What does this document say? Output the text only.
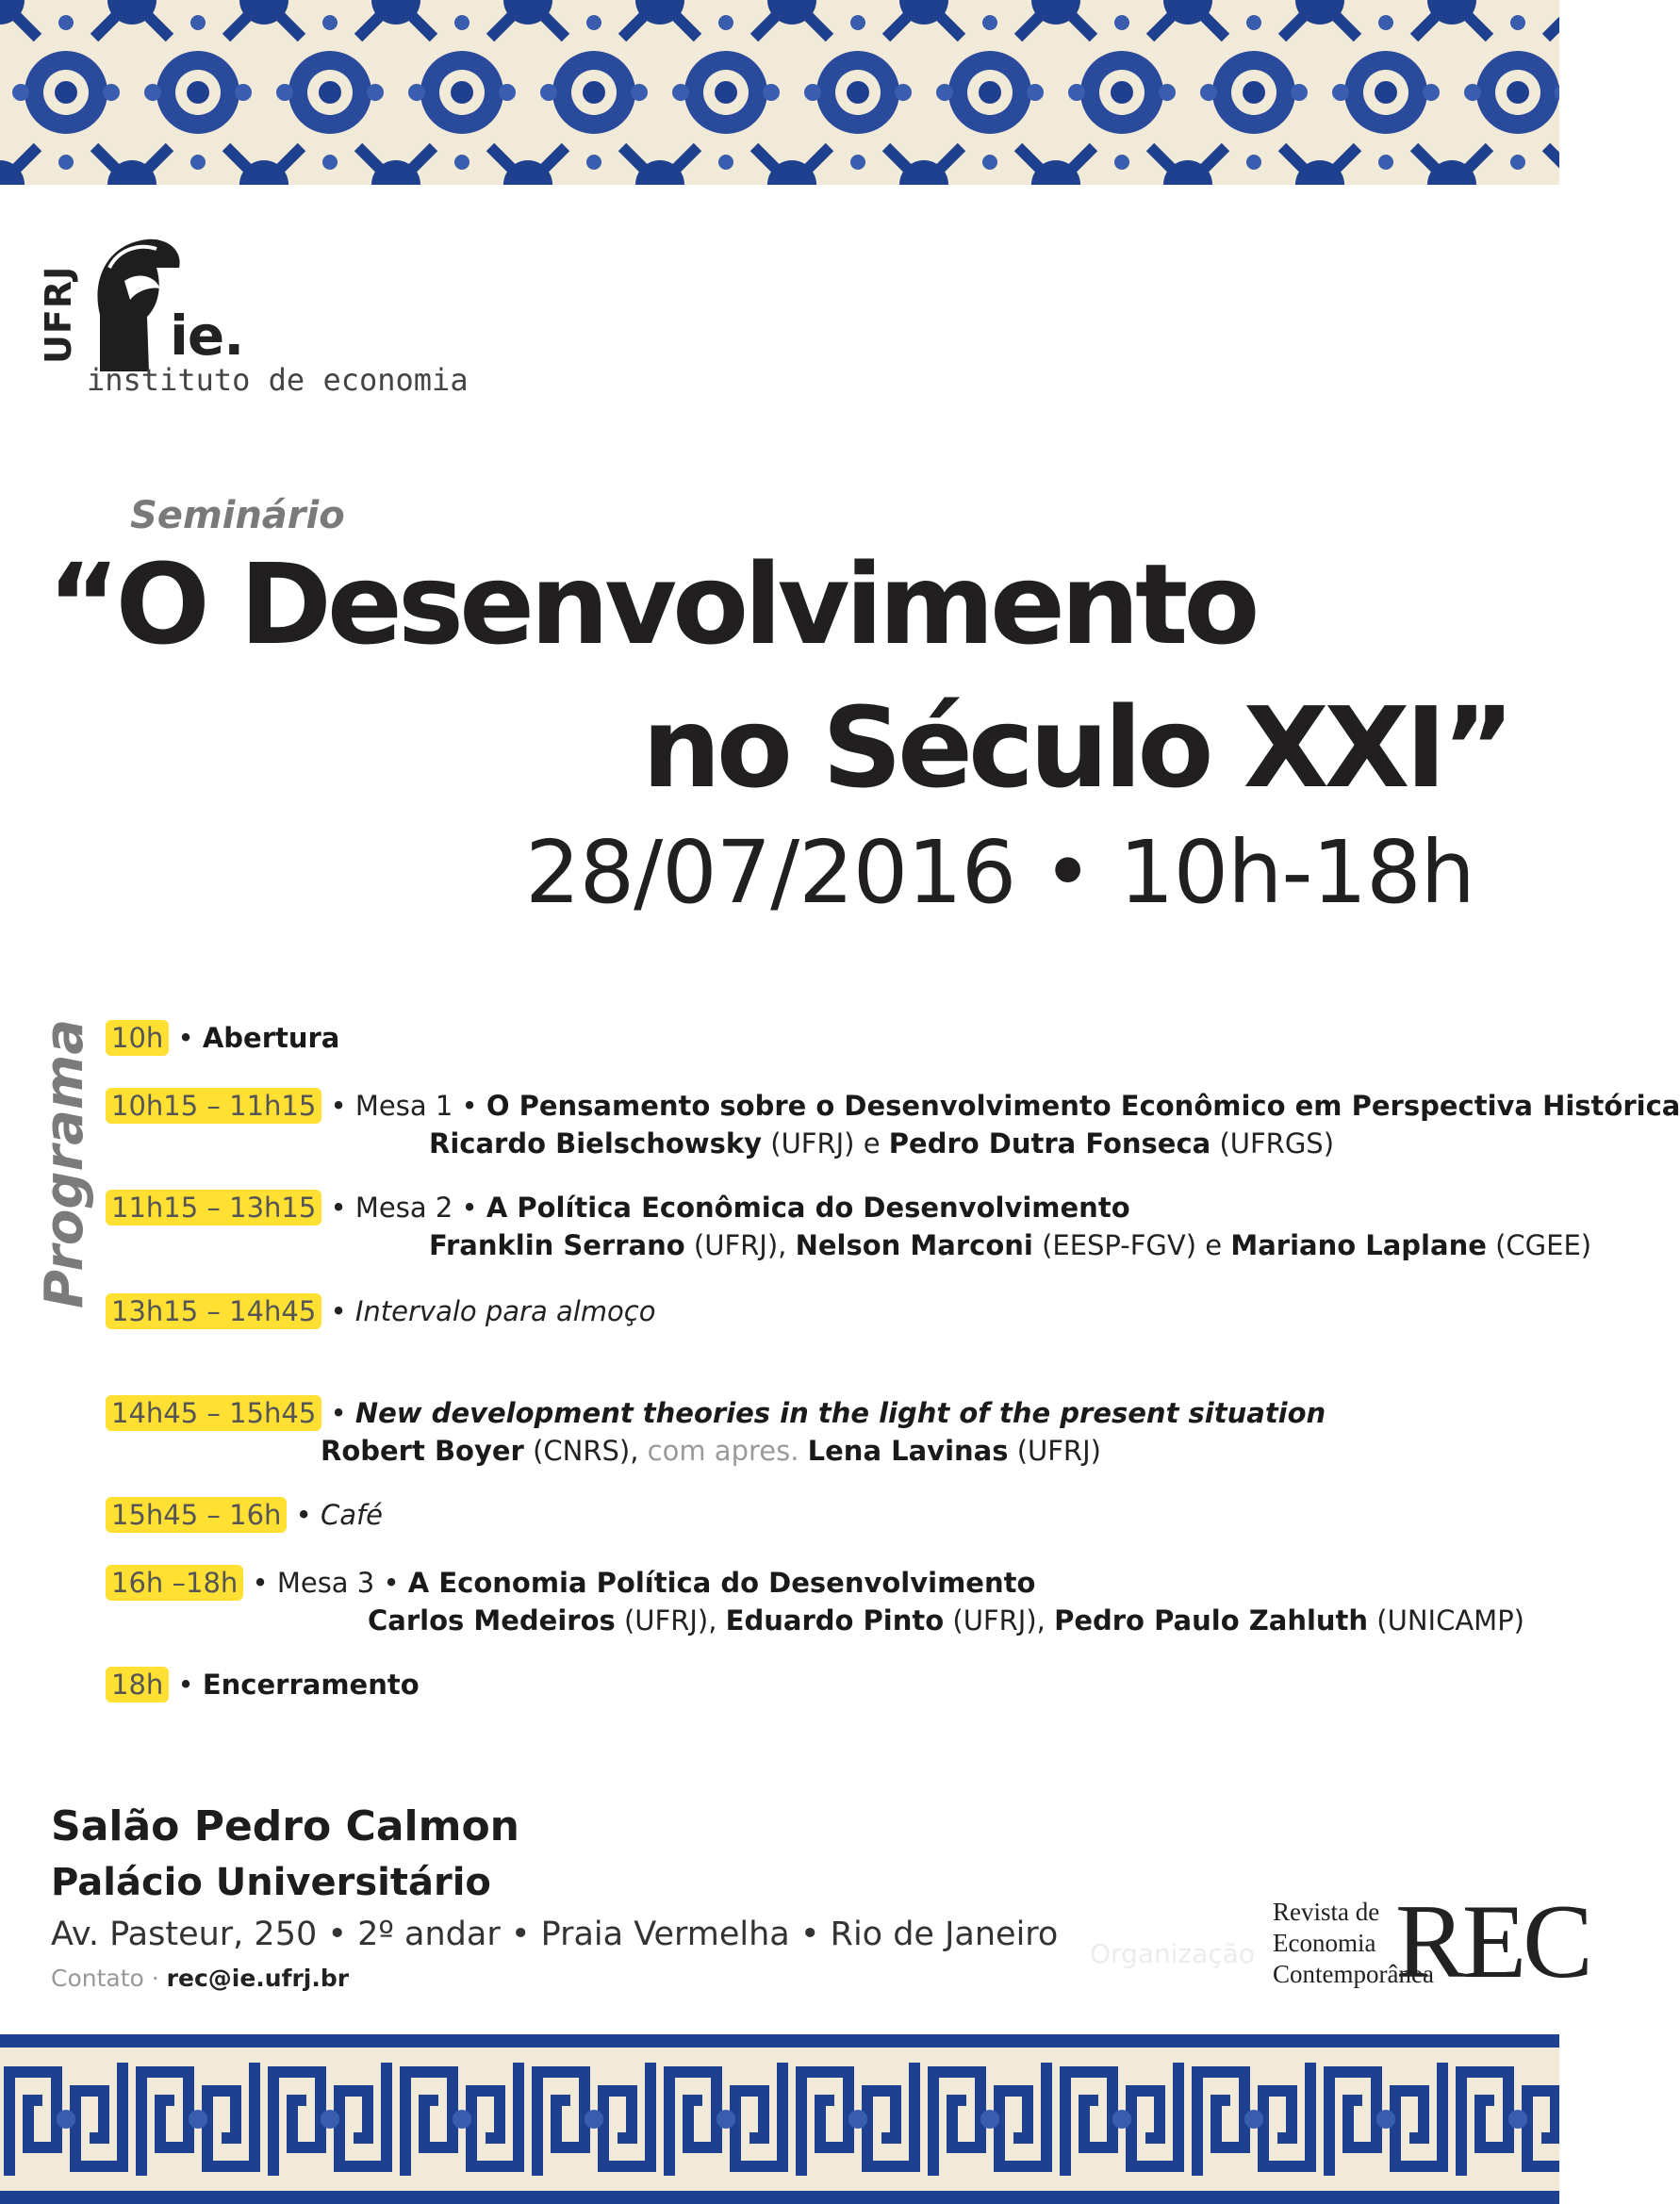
UFRJ ie.
instituto de economia
Seminário
“O Desenvolvimento
no Século XXI”
28/07/2016 • 10h-18h
Programa 10h • Abertura
10h15 – 11h15 • Mesa 1 • O Pensamento sobre o Desenvolvimento Econômico em Perspectiva Histórica
Ricardo Bielschowsky (UFRJ) e Pedro Dutra Fonseca (UFRGS)
11h15 – 13h15 • Mesa 2 • A Política Econômica do Desenvolvimento
Franklin Serrano (UFRJ), Nelson Marconi (EESP-FGV) e Mariano Laplane (CGEE)
13h15 – 14h45 • Intervalo para almoço
14h45 – 15h45 • New development theories in the light of the present situation
Robert Boyer (CNRS), com apres. Lena Lavinas (UFRJ)
15h45 – 16h • Café
16h –18h • Mesa 3 • A Economia Política do Desenvolvimento
Carlos Medeiros (UFRJ), Eduardo Pinto (UFRJ), Pedro Paulo Zahluth (UNICAMP)
18h • Encerramento
Salão Pedro Calmon
Palácio Universitário
Av. Pasteur, 250 • 2º andar • Praia Vermelha • Rio de Janeiro
Contato · rec@ie.ufrj.br
Organização
Revista de
Economia
Contemporânea
REC
